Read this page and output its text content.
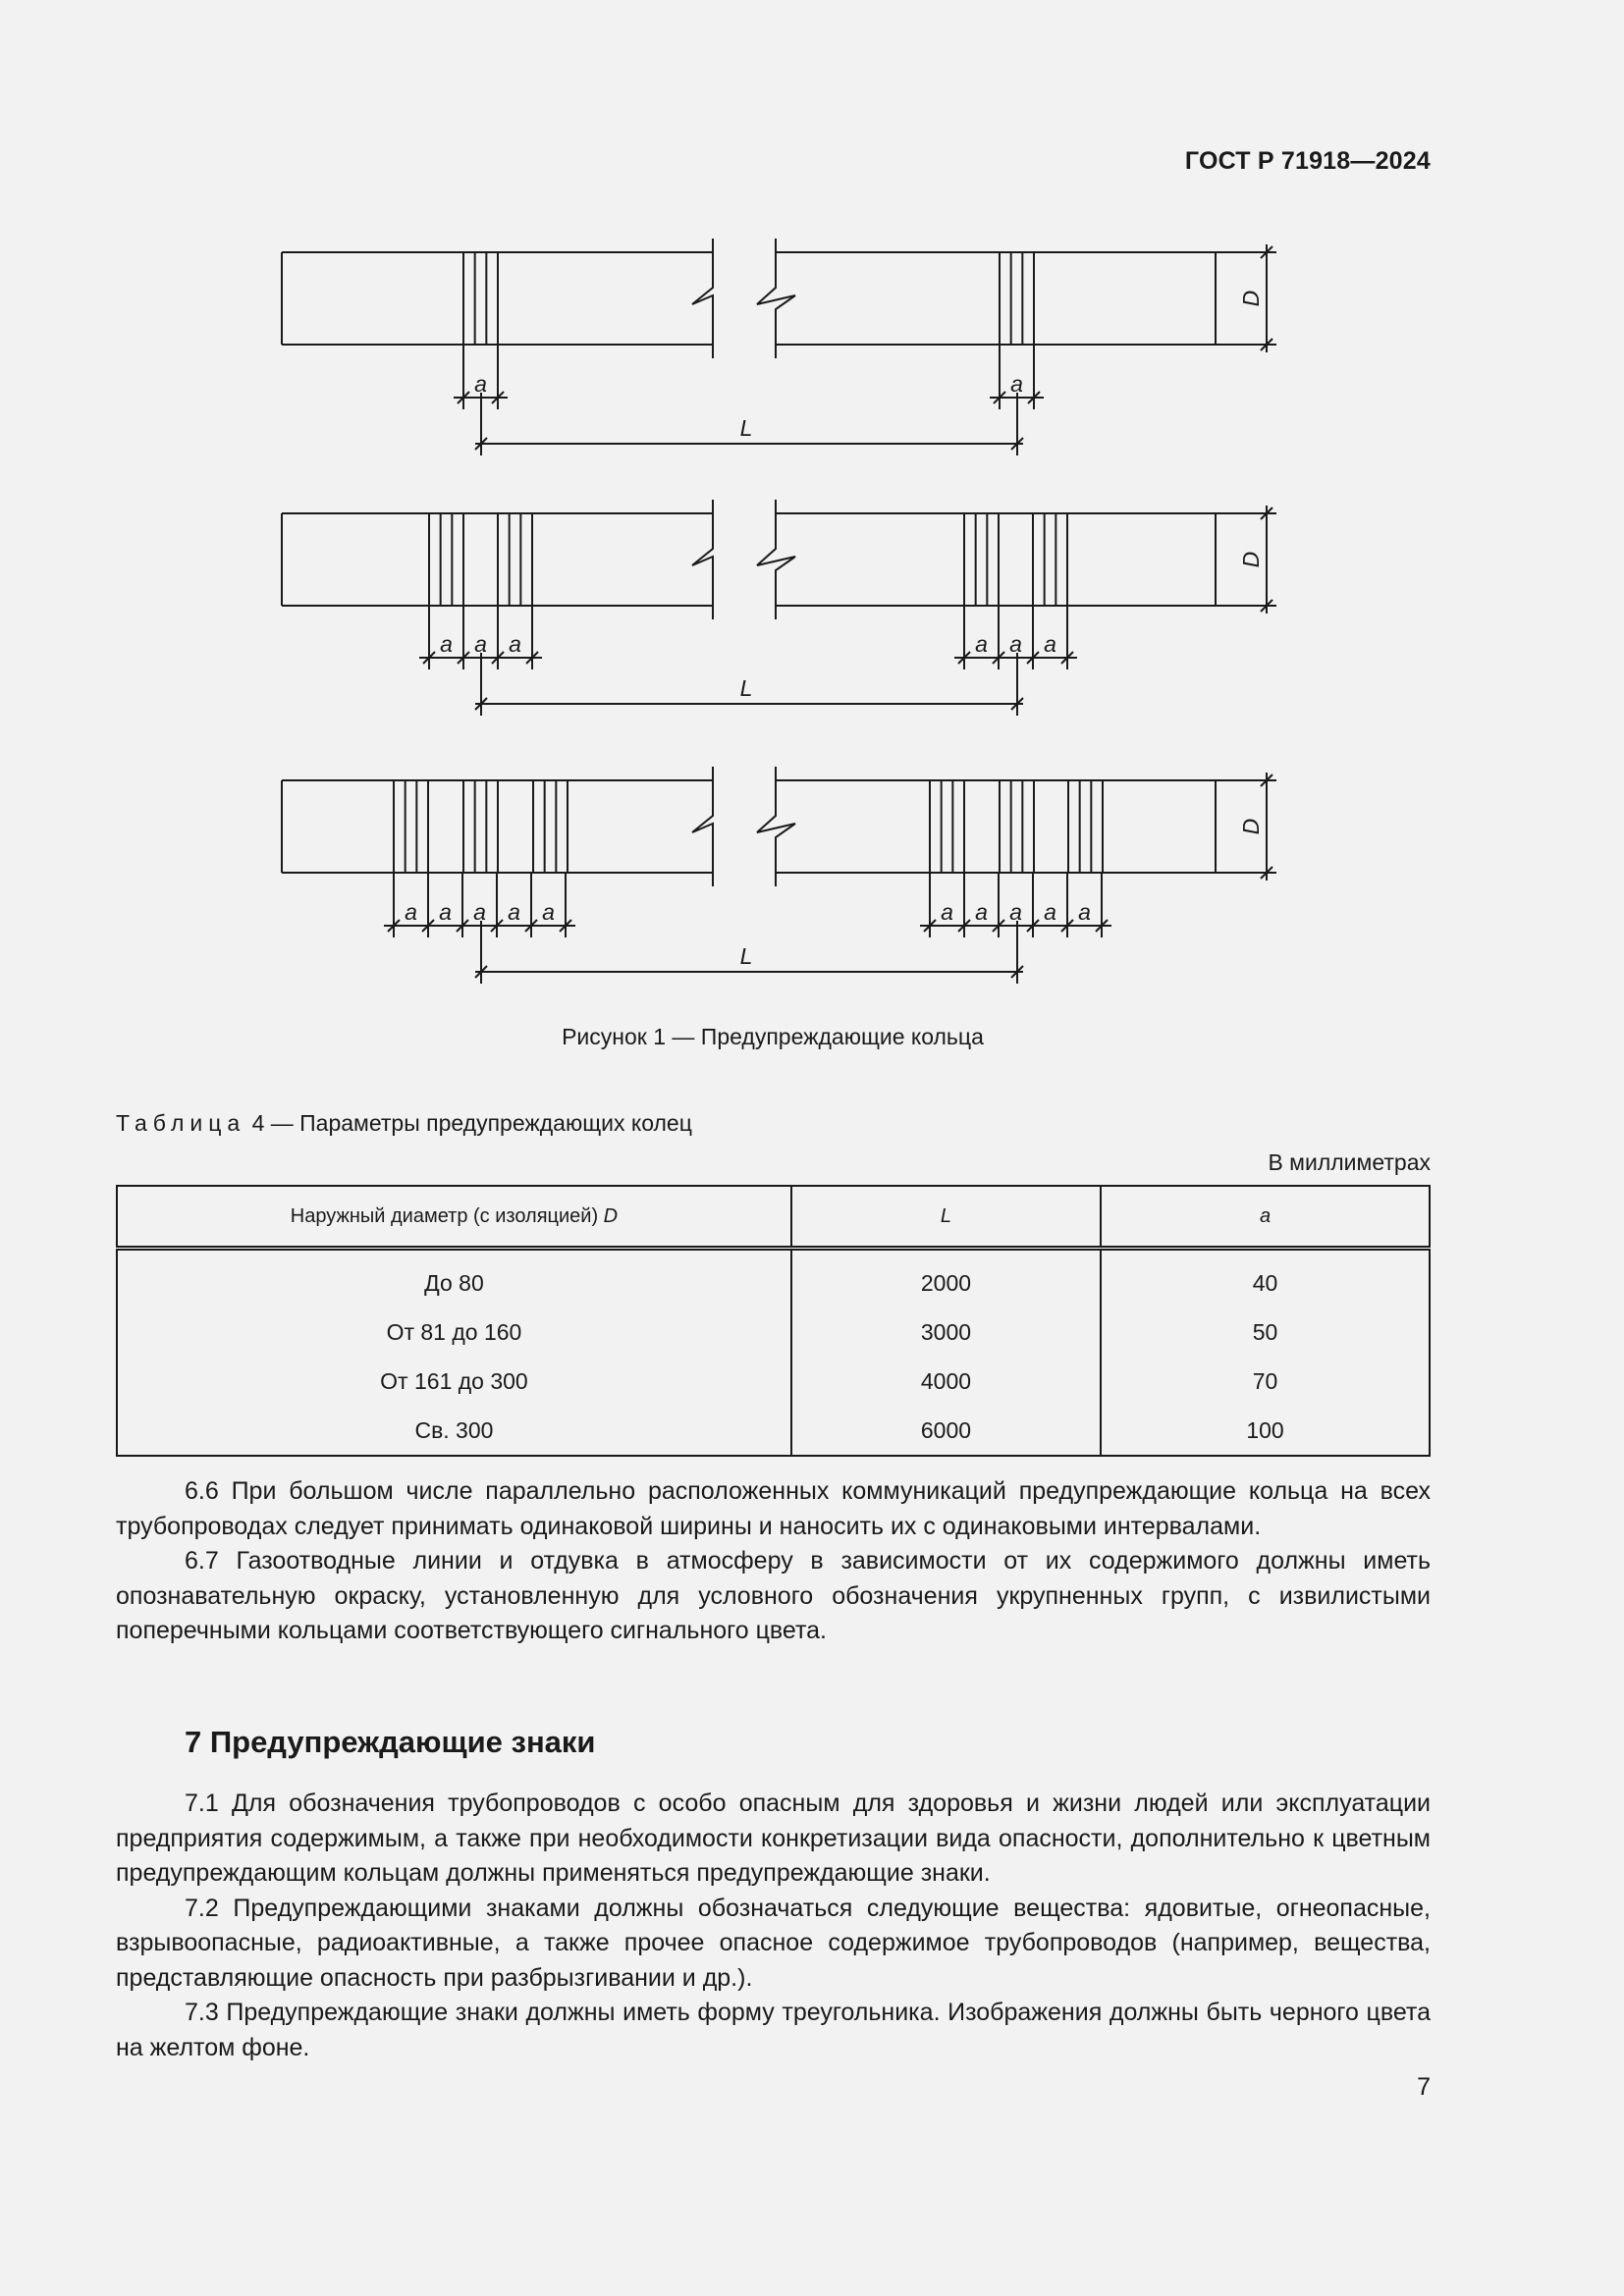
ГОСТ Р 71918—2024
D
a	a
L
D
a a a	a a a
L
D
a a a a a	a a a a a
L
Рисунок 1 — Предупреждающие кольца
Таблица 4 — Параметры предупреждающих колец
В миллиметрах
Наружный диаметр (с изоляцией) D	L	a
До 80	2000	40
От 81 до 160	3000	50
От 161 до 300	4000	70
Св. 300	6000	100

6.6 При большом числе параллельно расположенных коммуникаций предупреждающие кольца на всех трубопроводах следует принимать одинаковой ширины и наносить их с одинаковыми интервалами.

6.7 Газоотводные линии и отдувка в атмосферу в зависимости от их содержимого должны иметь опознавательную окраску, установленную для условного обозначения укрупненных групп, с извилистыми поперечными кольцами соответствующего сигнального цвета.

7 Предупреждающие знаки

7.1 Для обозначения трубопроводов с особо опасным для здоровья и жизни людей или эксплуатации предприятия содержимым, а также при необходимости конкретизации вида опасности, дополнительно к цветным предупреждающим кольцам должны применяться предупреждающие знаки.

7.2 Предупреждающими знаками должны обозначаться следующие вещества: ядовитые, огнеопасные, взрывоопасные, радиоактивные, а также прочее опасное содержимое трубопроводов (например, вещества, представляющие опасность при разбрызгивании и др.).

7.3 Предупреждающие знаки должны иметь форму треугольника. Изображения должны быть черного цвета на желтом фоне.

7
